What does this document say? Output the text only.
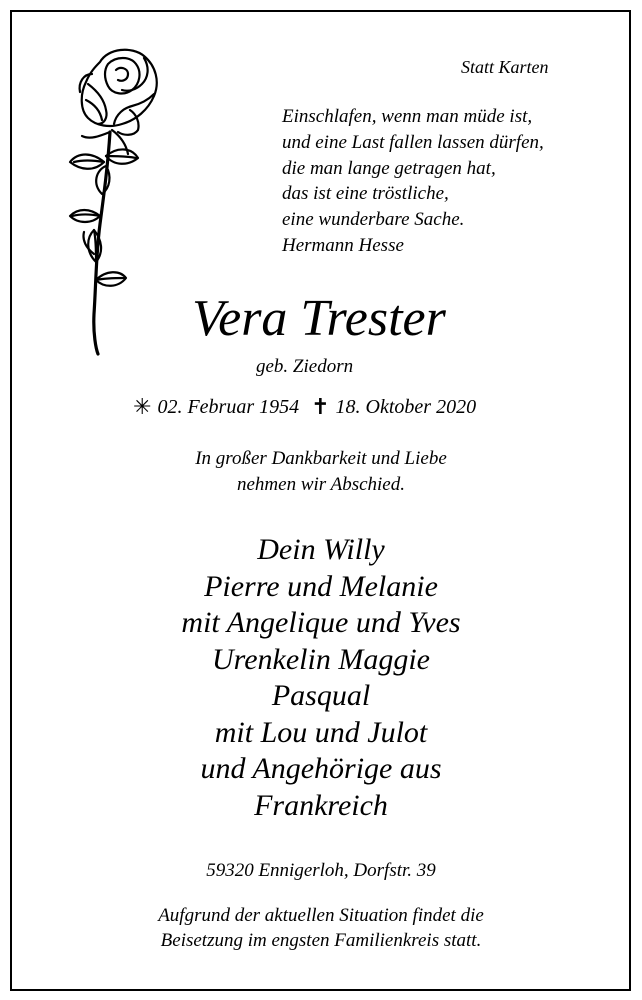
Statt Karten
Einschlafen, wenn man müde ist,
und eine Last fallen lassen dürfen,
die man lange getragen hat,
das ist eine tröstliche,
eine wunderbare Sache.
Hermann Hesse
Vera Trester
geb. Ziedorn
✳ 02. Februar 1954 ✝ 18. Oktober 2020
In großer Dankbarkeit und Liebe
nehmen wir Abschied.
Dein Willy
Pierre und Melanie
mit Angelique und Yves
Urenkelin Maggie
Pasqual
mit Lou und Julot
und Angehörige aus
Frankreich
59320 Ennigerloh, Dorfstr. 39
Aufgrund der aktuellen Situation findet die
Beisetzung im engsten Familienkreis statt.
